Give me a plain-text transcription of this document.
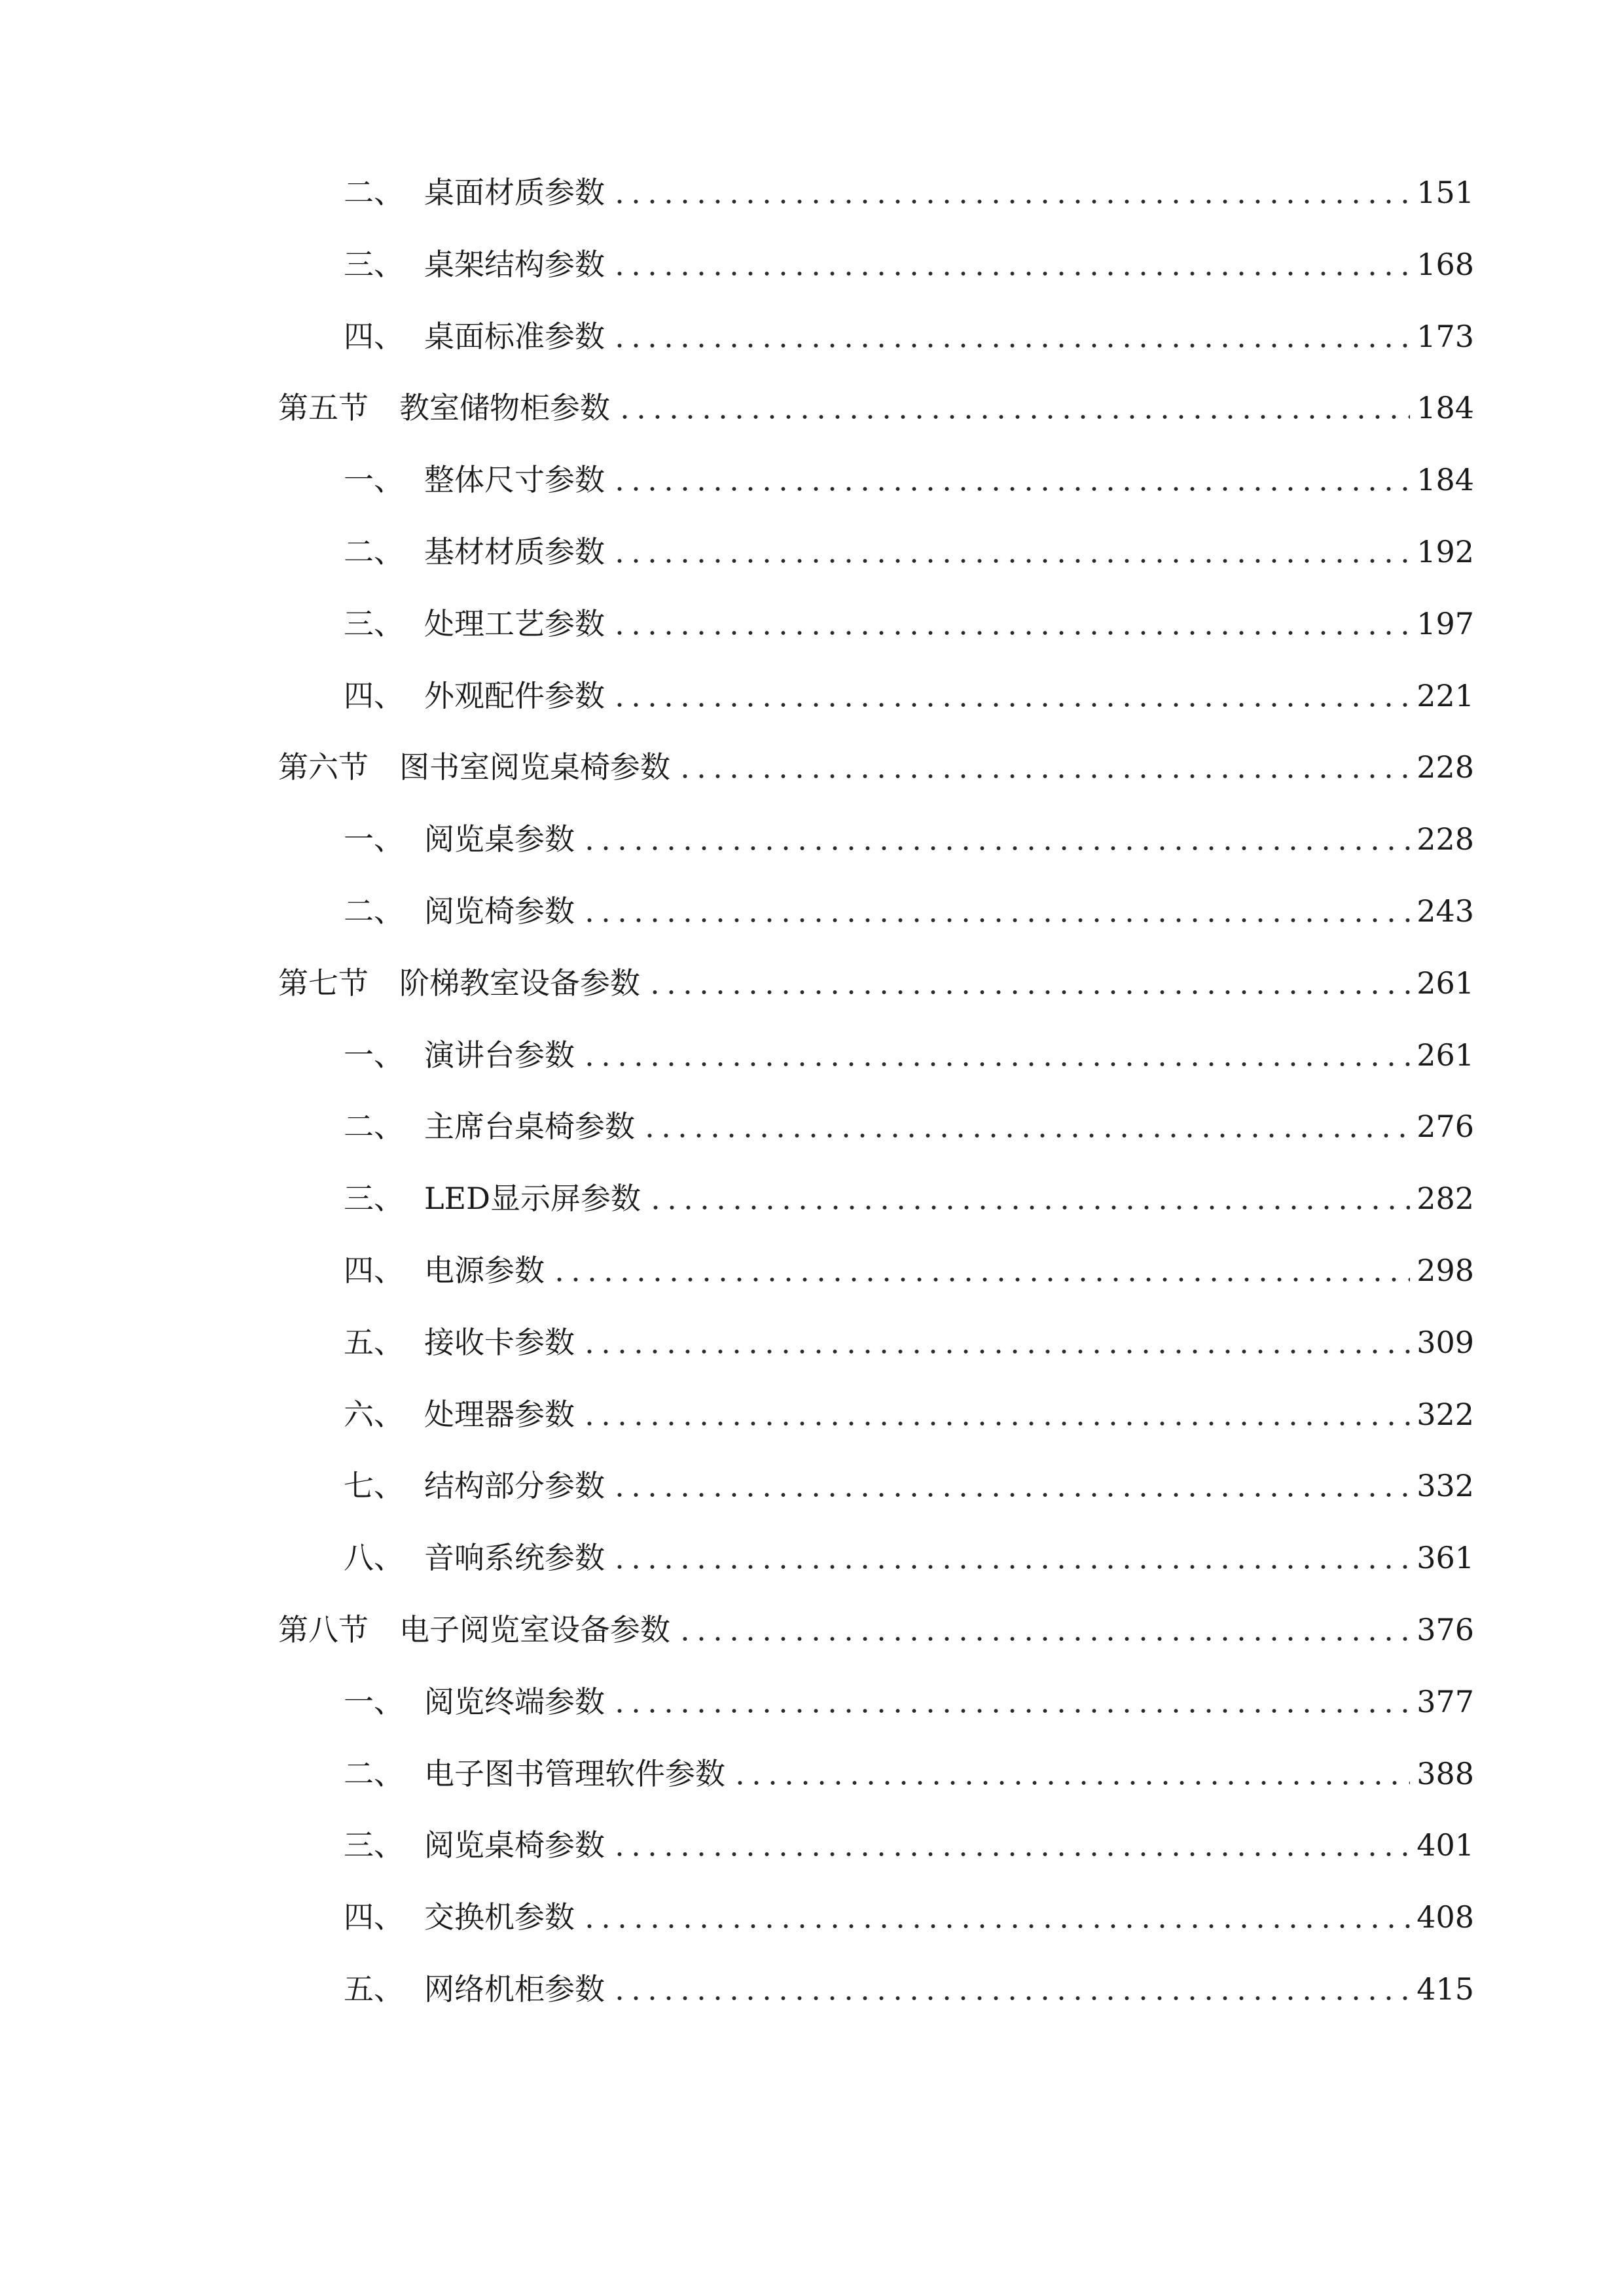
二、 桌面材质参数	151
三、 桌架结构参数	168
四、 桌面标准参数	173
第五节	教室储物柜参数	184
一、 整体尺寸参数	184
二、 基材材质参数	192
三、 处理工艺参数	197
四、 外观配件参数	221
第六节	图书室阅览桌椅参数	228
一、 阅览桌参数	228
二、 阅览椅参数	243
第七节	阶梯教室设备参数	261
一、 演讲台参数	261
二、 主席台桌椅参数	276
三、 LED显示屏参数	282
四、 电源参数	298
五、 接收卡参数	309
六、 处理器参数	322
七、 结构部分参数	332
八、 音响系统参数	361
第八节	电子阅览室设备参数	376
一、 阅览终端参数	377
二、 电子图书管理软件参数	388
三、 阅览桌椅参数	401
四、 交换机参数	408
五、 网络机柜参数	415
